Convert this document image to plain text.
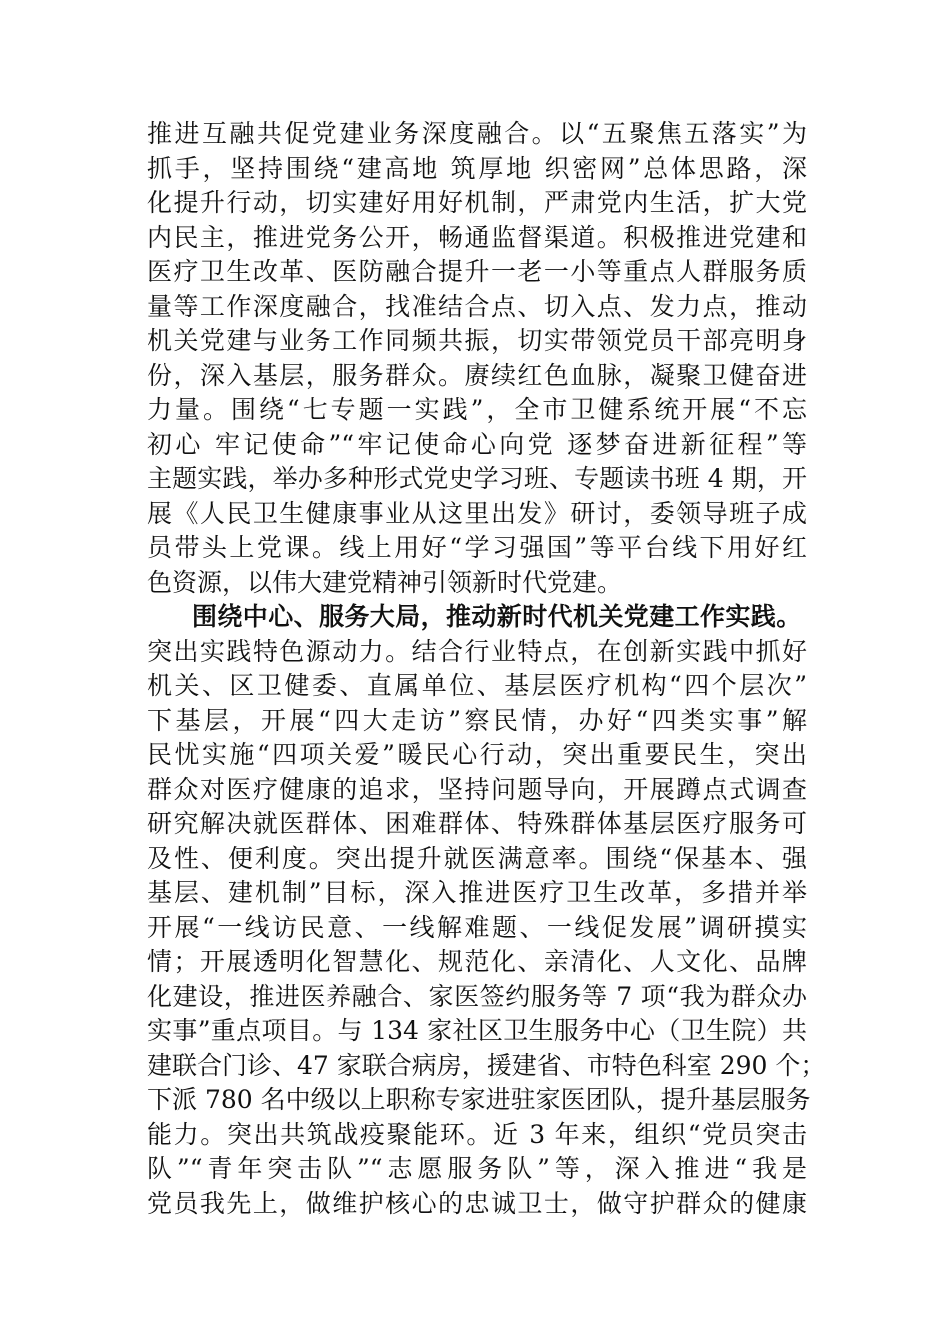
推进互融共促党建业务深度融合。以“五聚焦五落实”为
抓手，坚持围绕“建高地 筑厚地 织密网”总体思路，深
化提升行动，切实建好用好机制，严肃党内生活，扩大党
内民主，推进党务公开，畅通监督渠道。积极推进党建和
医疗卫生改革、医防融合提升一老一小等重点人群服务质
量等工作深度融合，找准结合点、切入点、发力点，推动
机关党建与业务工作同频共振，切实带领党员干部亮明身
份，深入基层，服务群众。赓续红色血脉，凝聚卫健奋进
力量。围绕“七专题一实践”，全市卫健系统开展“不忘
初心 牢记使命”“牢记使命心向党 逐梦奋进新征程”等
主题实践，举办多种形式党史学习班、专题读书班 4 期，开
展《人民卫生健康事业从这里出发》研讨，委领导班子成
员带头上党课。线上用好“学习强国”等平台线下用好红
色资源，以伟大建党精神引领新时代党建。
围绕中心、服务大局，推动新时代机关党建工作实践。
突出实践特色源动力。结合行业特点，在创新实践中抓好
机关、区卫健委、直属单位、基层医疗机构“四个层次”
下基层，开展“四大走访”察民情，办好“四类实事”解
民忧实施“四项关爱”暖民心行动，突出重要民生，突出
群众对医疗健康的追求，坚持问题导向，开展蹲点式调查
研究解决就医群体、困难群体、特殊群体基层医疗服务可
及性、便利度。突出提升就医满意率。围绕“保基本、强
基层、建机制”目标，深入推进医疗卫生改革，多措并举
开展“一线访民意、一线解难题、一线促发展”调研摸实
情；开展透明化智慧化、规范化、亲清化、人文化、品牌
化建设，推进医养融合、家医签约服务等 7 项“我为群众办
实事”重点项目。与 134 家社区卫生服务中心（卫生院）共
建联合门诊、47 家联合病房，援建省、市特色科室 290 个；
下派 780 名中级以上职称专家进驻家医团队，提升基层服务
能力。突出共筑战疫聚能环。近 3 年来，组织“党员突击
队”“青年突击队”“志愿服务队”等，深入推进“我是
党员我先上，做维护核心的忠诚卫士，做守护群众的健康
